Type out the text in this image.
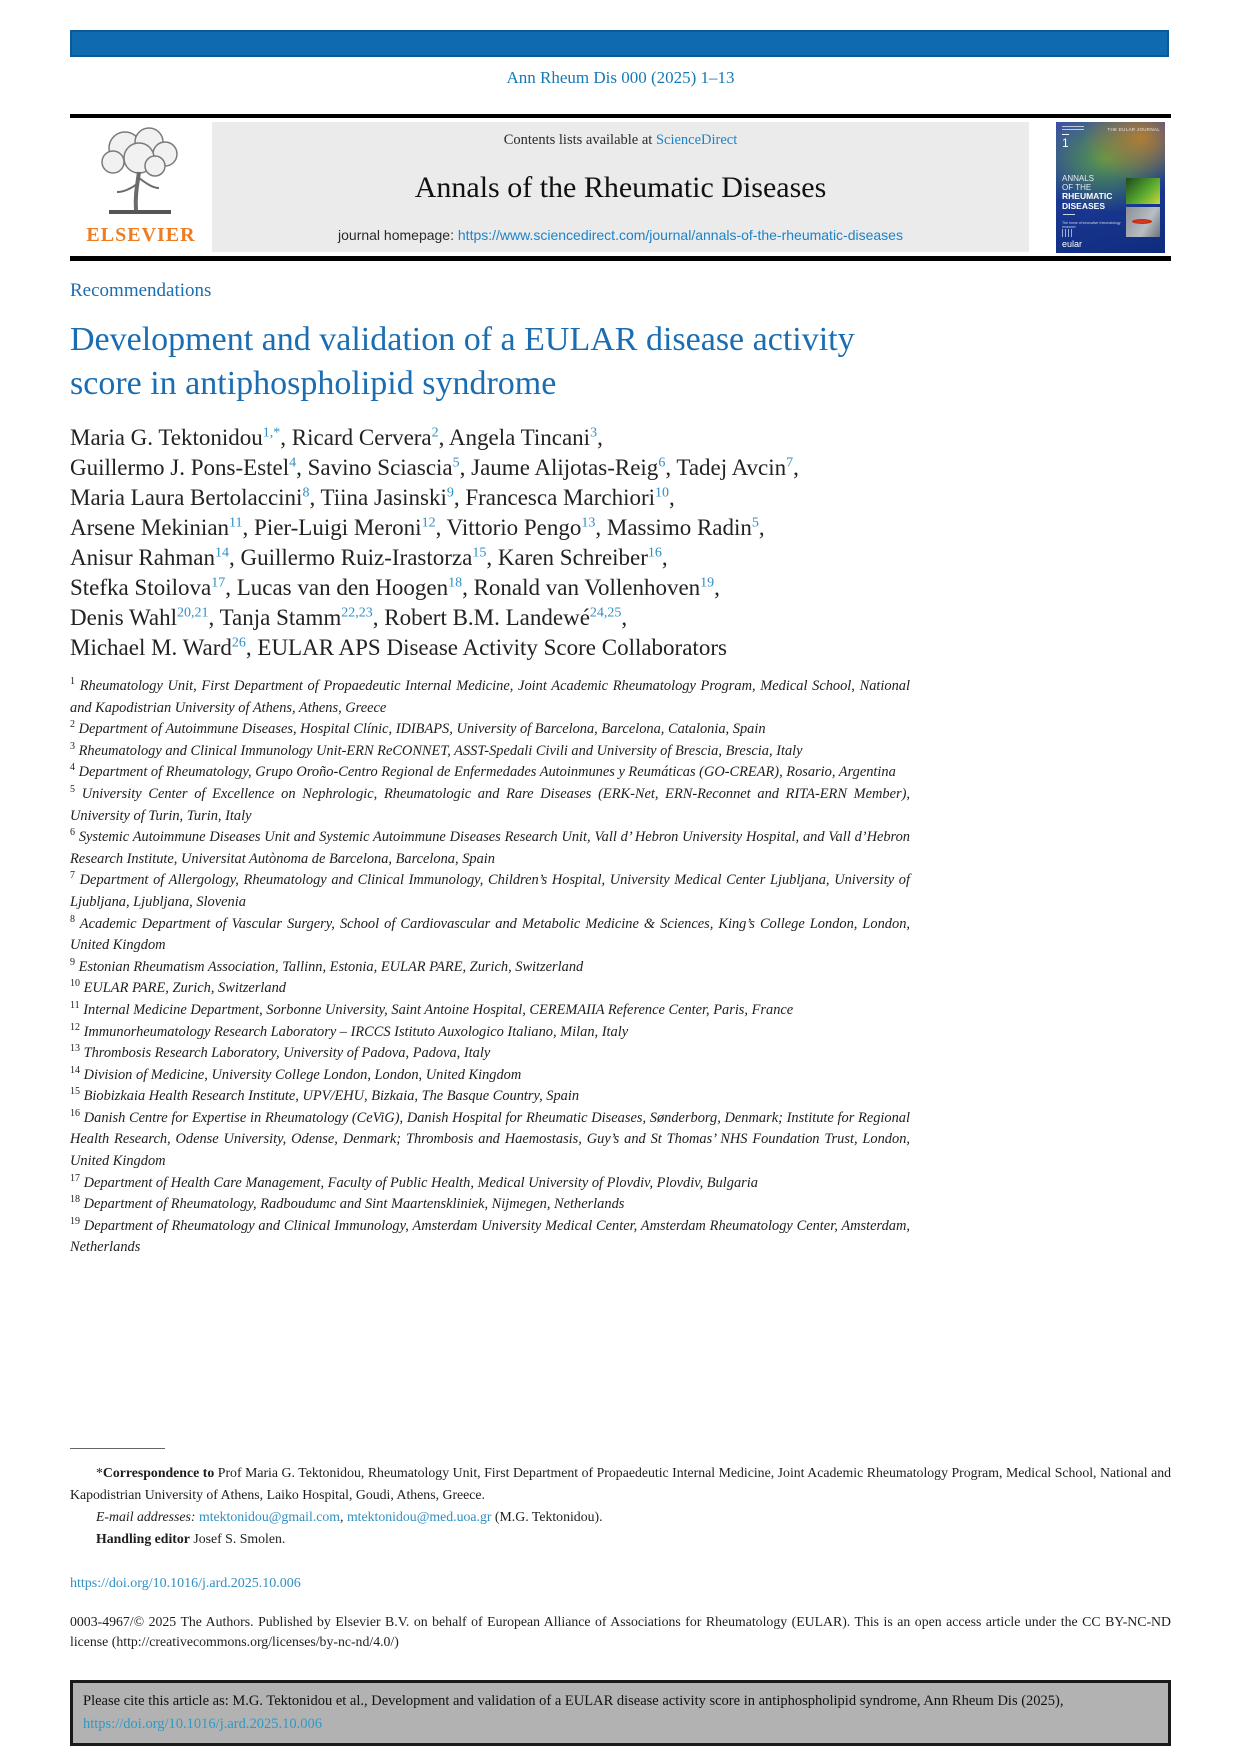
Ann Rheum Dis 000 (2025) 1–13
ELSEVIER
Contents lists available at ScienceDirect
Annals of the Rheumatic Diseases
journal homepage: https://www.sciencedirect.com/journal/annals-of-the-rheumatic-diseases
1
THE EULAR JOURNAL
ANNALS
OF THE
RHEUMATIC
DISEASES
The home of innovative rheumatology research
eular
Recommendations
Development and validation of a EULAR disease activity score in antiphospholipid syndrome
Maria G. Tektonidou$^{1,*}$, Ricard Cervera$^2$, Angela Tincani$^3$,
Guillermo J. Pons-Estel$^4$, Savino Sciascia$^5$, Jaume Alijotas-Reig$^6$, Tadej Avcin$^7$,
Maria Laura Bertolaccini$^8$, Tiina Jasinski$^9$, Francesca Marchiori$^{10}$,
Arsene Mekinian$^{11}$, Pier-Luigi Meroni$^{12}$, Vittorio Pengo$^{13}$, Massimo Radin$^5$,
Anisur Rahman$^{14}$, Guillermo Ruiz-Irastorza$^{15}$, Karen Schreiber$^{16}$,
Stefka Stoilova$^{17}$, Lucas van den Hoogen$^{18}$, Ronald van Vollenhoven$^{19}$,
Denis Wahl$^{20,21}$, Tanja Stamm$^{22,23}$, Robert B.M. Landewé$^{24,25}$,
Michael M. Ward$^{26}$, EULAR APS Disease Activity Score Collaborators
$^1$ Rheumatology Unit, First Department of Propaedeutic Internal Medicine, Joint Academic Rheumatology Program, Medical School, National and Kapodistrian University of Athens, Athens, Greece
$^2$ Department of Autoimmune Diseases, Hospital Clínic, IDIBAPS, University of Barcelona, Barcelona, Catalonia, Spain
$^3$ Rheumatology and Clinical Immunology Unit-ERN ReCONNET, ASST-Spedali Civili and University of Brescia, Brescia, Italy
$^4$ Department of Rheumatology, Grupo Oroño-Centro Regional de Enfermedades Autoinmunes y Reumáticas (GO-CREAR), Rosario, Argentina
$^5$ University Center of Excellence on Nephrologic, Rheumatologic and Rare Diseases (ERK-Net, ERN-Reconnet and RITA-ERN Member), University of Turin, Turin, Italy
$^6$ Systemic Autoimmune Diseases Unit and Systemic Autoimmune Diseases Research Unit, Vall d’ Hebron University Hospital, and Vall d’Hebron Research Institute, Universitat Autònoma de Barcelona, Barcelona, Spain
$^7$ Department of Allergology, Rheumatology and Clinical Immunology, Children’s Hospital, University Medical Center Ljubljana, University of Ljubljana, Ljubljana, Slovenia
$^8$ Academic Department of Vascular Surgery, School of Cardiovascular and Metabolic Medicine & Sciences, King’s College London, London, United Kingdom
$^9$ Estonian Rheumatism Association, Tallinn, Estonia, EULAR PARE, Zurich, Switzerland
$^{10}$ EULAR PARE, Zurich, Switzerland
$^{11}$ Internal Medicine Department, Sorbonne University, Saint Antoine Hospital, CEREMAIIA Reference Center, Paris, France
$^{12}$ Immunorheumatology Research Laboratory – IRCCS Istituto Auxologico Italiano, Milan, Italy
$^{13}$ Thrombosis Research Laboratory, University of Padova, Padova, Italy
$^{14}$ Division of Medicine, University College London, London, United Kingdom
$^{15}$ Biobizkaia Health Research Institute, UPV/EHU, Bizkaia, The Basque Country, Spain
$^{16}$ Danish Centre for Expertise in Rheumatology (CeViG), Danish Hospital for Rheumatic Diseases, Sønderborg, Denmark; Institute for Regional Health Research, Odense University, Odense, Denmark; Thrombosis and Haemostasis, Guy’s and St Thomas’ NHS Foundation Trust, London, United Kingdom
$^{17}$ Department of Health Care Management, Faculty of Public Health, Medical University of Plovdiv, Plovdiv, Bulgaria
$^{18}$ Department of Rheumatology, Radboudumc and Sint Maartenskliniek, Nijmegen, Netherlands
$^{19}$ Department of Rheumatology and Clinical Immunology, Amsterdam University Medical Center, Amsterdam Rheumatology Center, Amsterdam, Netherlands

*Correspondence to Prof Maria G. Tektonidou, Rheumatology Unit, First Department of Propaedeutic Internal Medicine, Joint Academic Rheumatology Program, Medical School, National and Kapodistrian University of Athens, Laiko Hospital, Goudi, Athens, Greece.

E-mail addresses: mtektonidou@gmail.com, mtektonidou@med.uoa.gr (M.G. Tektonidou).

Handling editor Josef S. Smolen.

https://doi.org/10.1016/j.ard.2025.10.006
0003-4967/© 2025 The Authors. Published by Elsevier B.V. on behalf of European Alliance of Associations for Rheumatology (EULAR). This is an open access article under the CC BY-NC-ND license (http://creativecommons.org/licenses/by-nc-nd/4.0/)
Please cite this article as: M.G. Tektonidou et al., Development and validation of a EULAR disease activity score in antiphospholipid syndrome, Ann Rheum Dis (2025), https://doi.org/10.1016/j.ard.2025.10.006
